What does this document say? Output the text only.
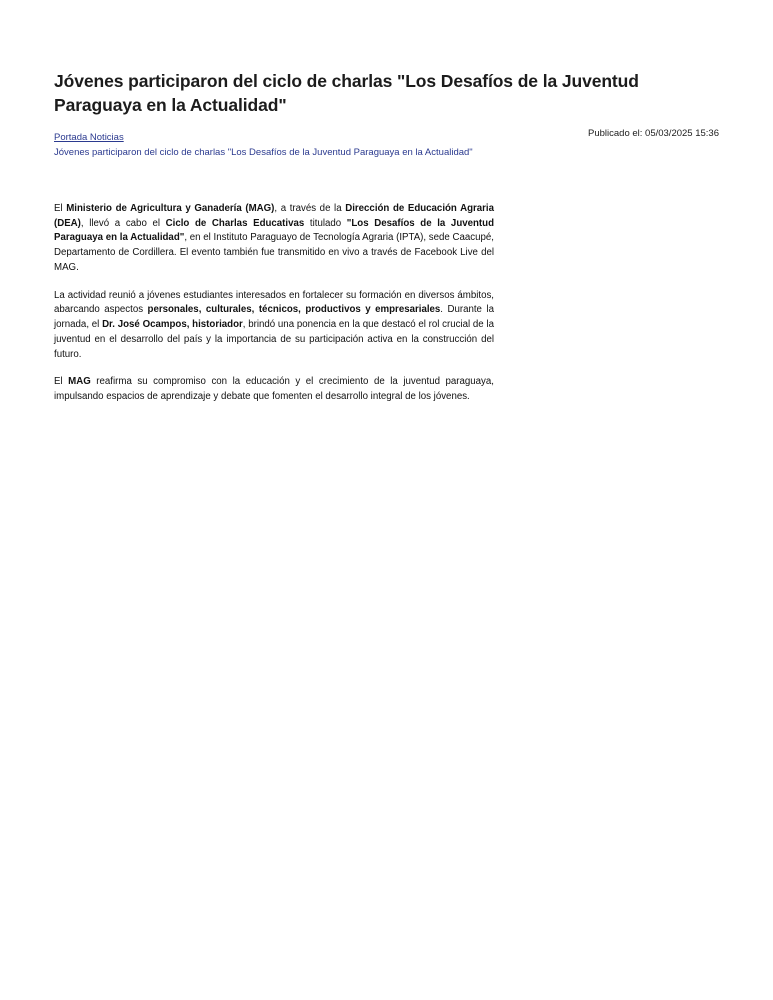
Jóvenes participaron del ciclo de charlas "Los Desafíos de la Juventud Paraguaya en la Actualidad"
Portada Noticias
Jóvenes participaron del ciclo de charlas "Los Desafíos de la Juventud Paraguaya en la Actualidad"
Publicado el: 05/03/2025 15:36

El Ministerio de Agricultura y Ganadería (MAG), a través de la Dirección de Educación Agraria (DEA), llevó a cabo el Ciclo de Charlas Educativas titulado "Los Desafíos de la Juventud Paraguaya en la Actualidad", en el Instituto Paraguayo de Tecnología Agraria (IPTA), sede Caacupé, Departamento de Cordillera. El evento también fue transmitido en vivo a través de Facebook Live del MAG.

La actividad reunió a jóvenes estudiantes interesados en fortalecer su formación en diversos ámbitos, abarcando aspectos personales, culturales, técnicos, productivos y empresariales. Durante la jornada, el Dr. José Ocampos, historiador, brindó una ponencia en la que destacó el rol crucial de la juventud en el desarrollo del país y la importancia de su participación activa en la construcción del futuro.

El MAG reafirma su compromiso con la educación y el crecimiento de la juventud paraguaya, impulsando espacios de aprendizaje y debate que fomenten el desarrollo integral de los jóvenes.
